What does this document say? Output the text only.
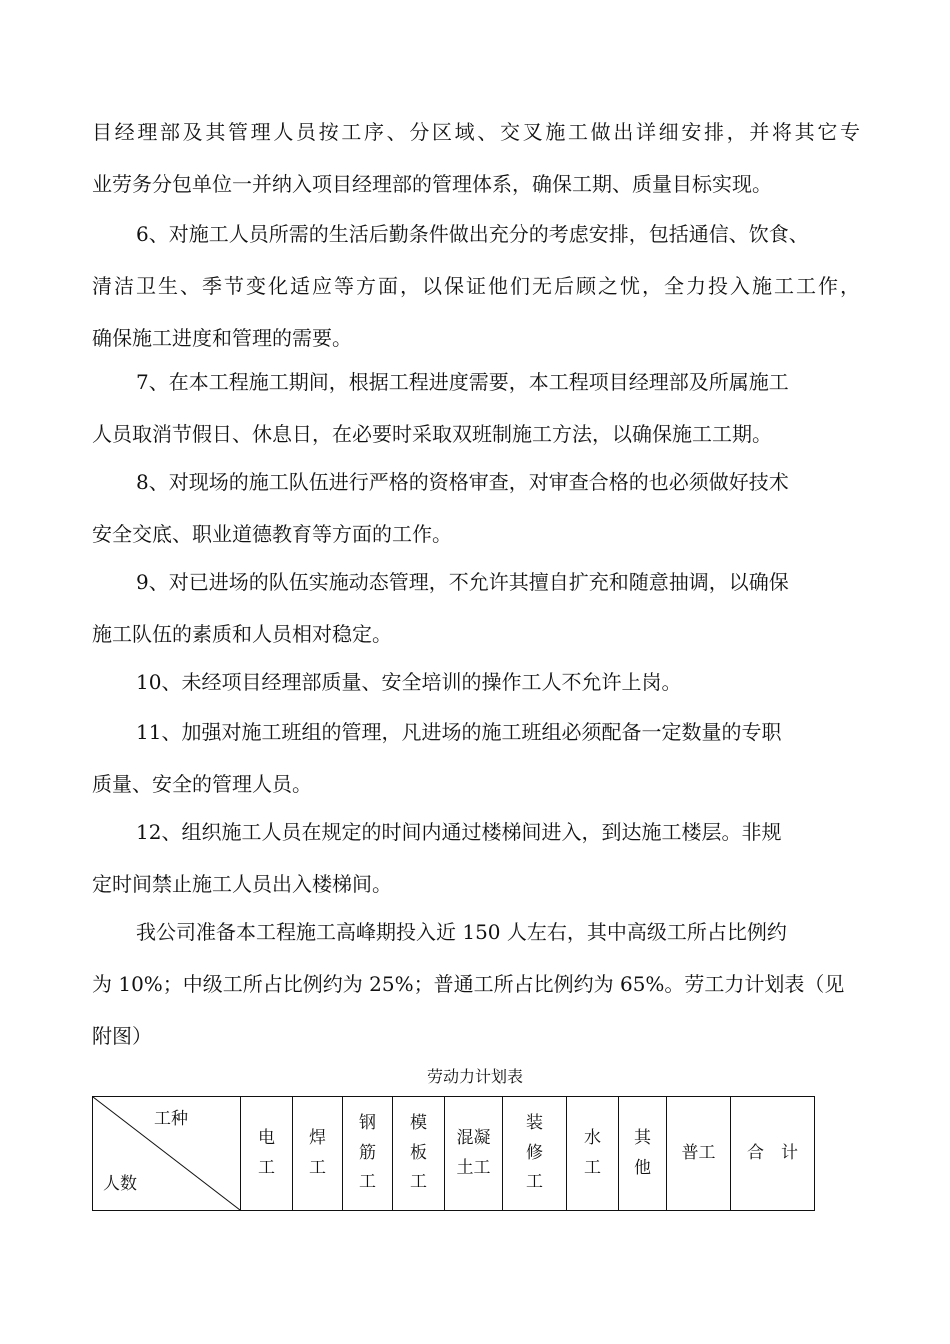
目经理部及其管理人员按工序、分区域、交叉施工做出详细安排，并将其它专
业劳务分包单位一并纳入项目经理部的管理体系，确保工期、质量目标实现。
6、对施工人员所需的生活后勤条件做出充分的考虑安排，包括通信、饮食、
清洁卫生、季节变化适应等方面，以保证他们无后顾之忧，全力投入施工工作，
确保施工进度和管理的需要。
7、在本工程施工期间，根据工程进度需要，本工程项目经理部及所属施工
人员取消节假日、休息日，在必要时采取双班制施工方法，以确保施工工期。
8、对现场的施工队伍进行严格的资格审查，对审查合格的也必须做好技术
安全交底、职业道德教育等方面的工作。
9、对已进场的队伍实施动态管理，不允许其擅自扩充和随意抽调，以确保
施工队伍的素质和人员相对稳定。
10、未经项目经理部质量、安全培训的操作工人不允许上岗。
11、加强对施工班组的管理，凡进场的施工班组必须配备一定数量的专职
质量、安全的管理人员。
12、组织施工人员在规定的时间内通过楼梯间进入，到达施工楼层。非规
定时间禁止施工人员出入楼梯间。
我公司准备本工程施工高峰期投入近 150 人左右，其中高级工所占比例约
为 10%；中级工所占比例约为 25%；普通工所占比例约为 65%。劳工力计划表（见
附图）
劳动力计划表
工种
人数
	电工	焊工	钢筋工	模板工	混凝土工	装修工	水工	其他	普工	合　计
